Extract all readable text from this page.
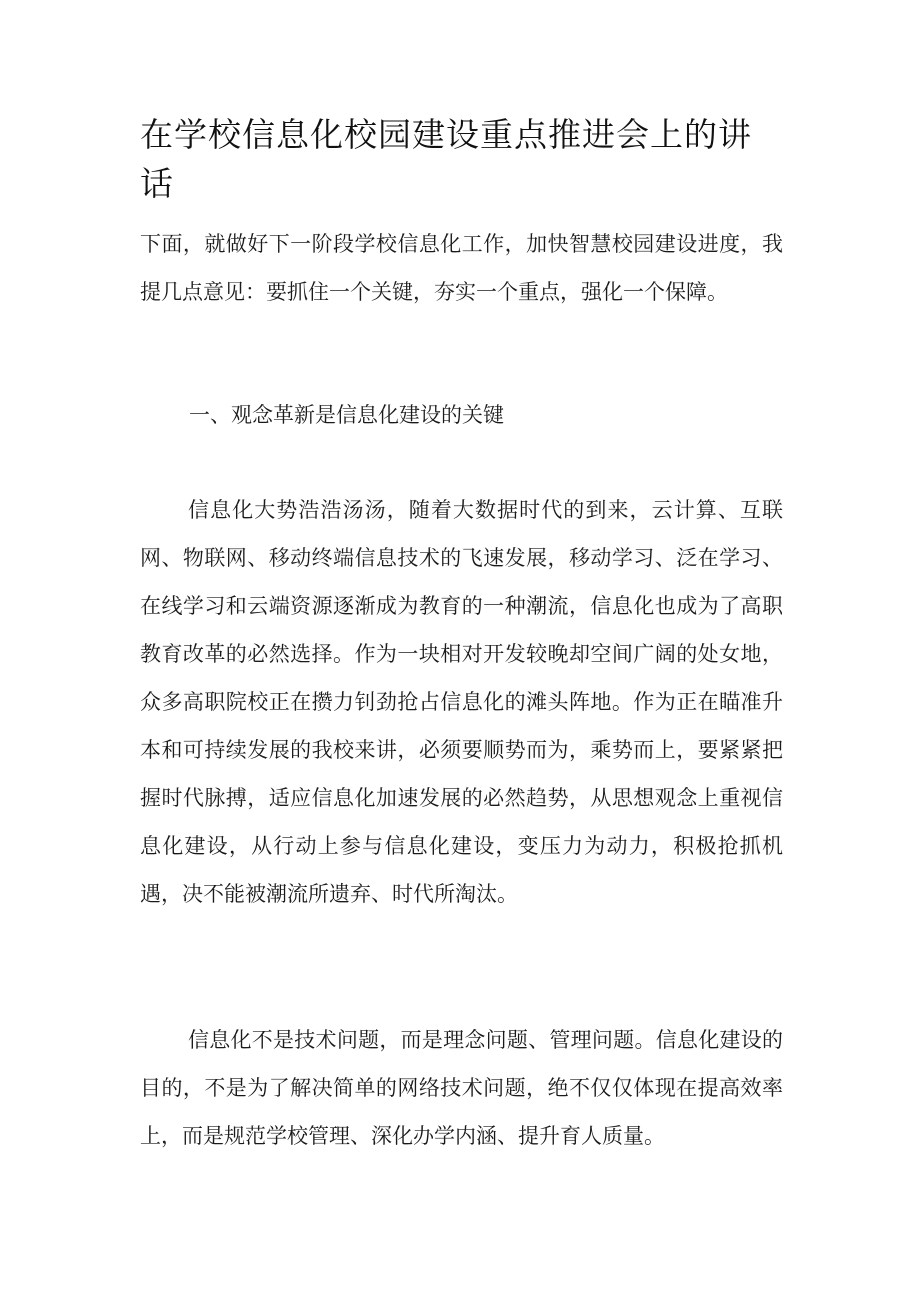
在学校信息化校园建设重点推进会上的讲话

下面，就做好下一阶段学校信息化工作，加快智慧校园建设进度，我提几点意见：要抓住一个关键，夯实一个重点，强化一个保障。

一、观念革新是信息化建设的关键

信息化大势浩浩汤汤，随着大数据时代的到来，云计算、互联网、物联网、移动终端信息技术的飞速发展，移动学习、泛在学习、在线学习和云端资源逐渐成为教育的一种潮流，信息化也成为了高职教育改革的必然选择。作为一块相对开发较晚却空间广阔的处女地，众多高职院校正在攒力钊劲抢占信息化的滩头阵地。作为正在瞄准升本和可持续发展的我校来讲，必须要顺势而为，乘势而上，要紧紧把握时代脉搏，适应信息化加速发展的必然趋势，从思想观念上重视信息化建设，从行动上参与信息化建设，变压力为动力，积极抢抓机遇，决不能被潮流所遗弃、时代所淘汰。

信息化不是技术问题，而是理念问题、管理问题。信息化建设的目的，不是为了解决简单的网络技术问题，绝不仅仅体现在提高效率上，而是规范学校管理、深化办学内涵、提升育人质量。
